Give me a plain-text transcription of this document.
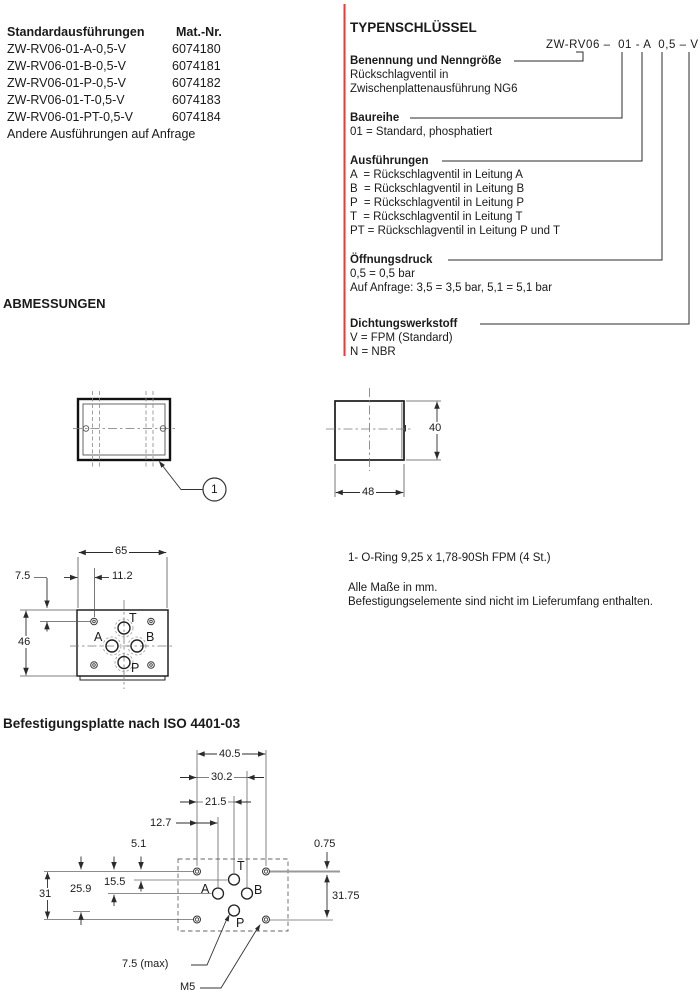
Standardausführungen	Mat.-Nr.
ZW-RV06-01-A-0,5-V	6074180
ZW-RV06-01-B-0,5-V	6074181
ZW-RV06-01-P-0,5-V	6074182
ZW-RV06-01-T-0,5-V	6074183
ZW-RV06-01-PT-0,5-V	6074184
Andere Ausführungen auf Anfrage
TYPENSCHLÜSSEL
ZW-RV06 –  01 - A  0,5 – V
Benennung und Nenngröße
Rückschlagventil in
Zwischenplattenausführung NG6
Baureihe
01 = Standard, phosphatiert
Ausführungen
A  = Rückschlagventil in Leitung A
B  = Rückschlagventil in Leitung B
P  = Rückschlagventil in Leitung P
T  = Rückschlagventil in Leitung T
PT = Rückschlagventil in Leitung P und T
Öffnungsdruck
0,5 = 0,5 bar
Auf Anfrage: 3,5 = 3,5 bar, 5,1 = 5,1 bar
Dichtungswerkstoff
V = FPM (Standard)
N = NBR
ABMESSUNGEN
1
40
48
65
7.5	11.2
46
T
A	B
P
1- O-Ring 9,25 x 1,78-90Sh FPM (4 St.)
Alle Maße in mm.
Befestigungselemente sind nicht im Lieferumfang enthalten.
Befestigungsplatte nach ISO 4401-03
40.5
30.2
21.5
12.7
5.1	0.75
15.5
25.9
31	31.75
T
A	B
P
7.5 (max)
M5
